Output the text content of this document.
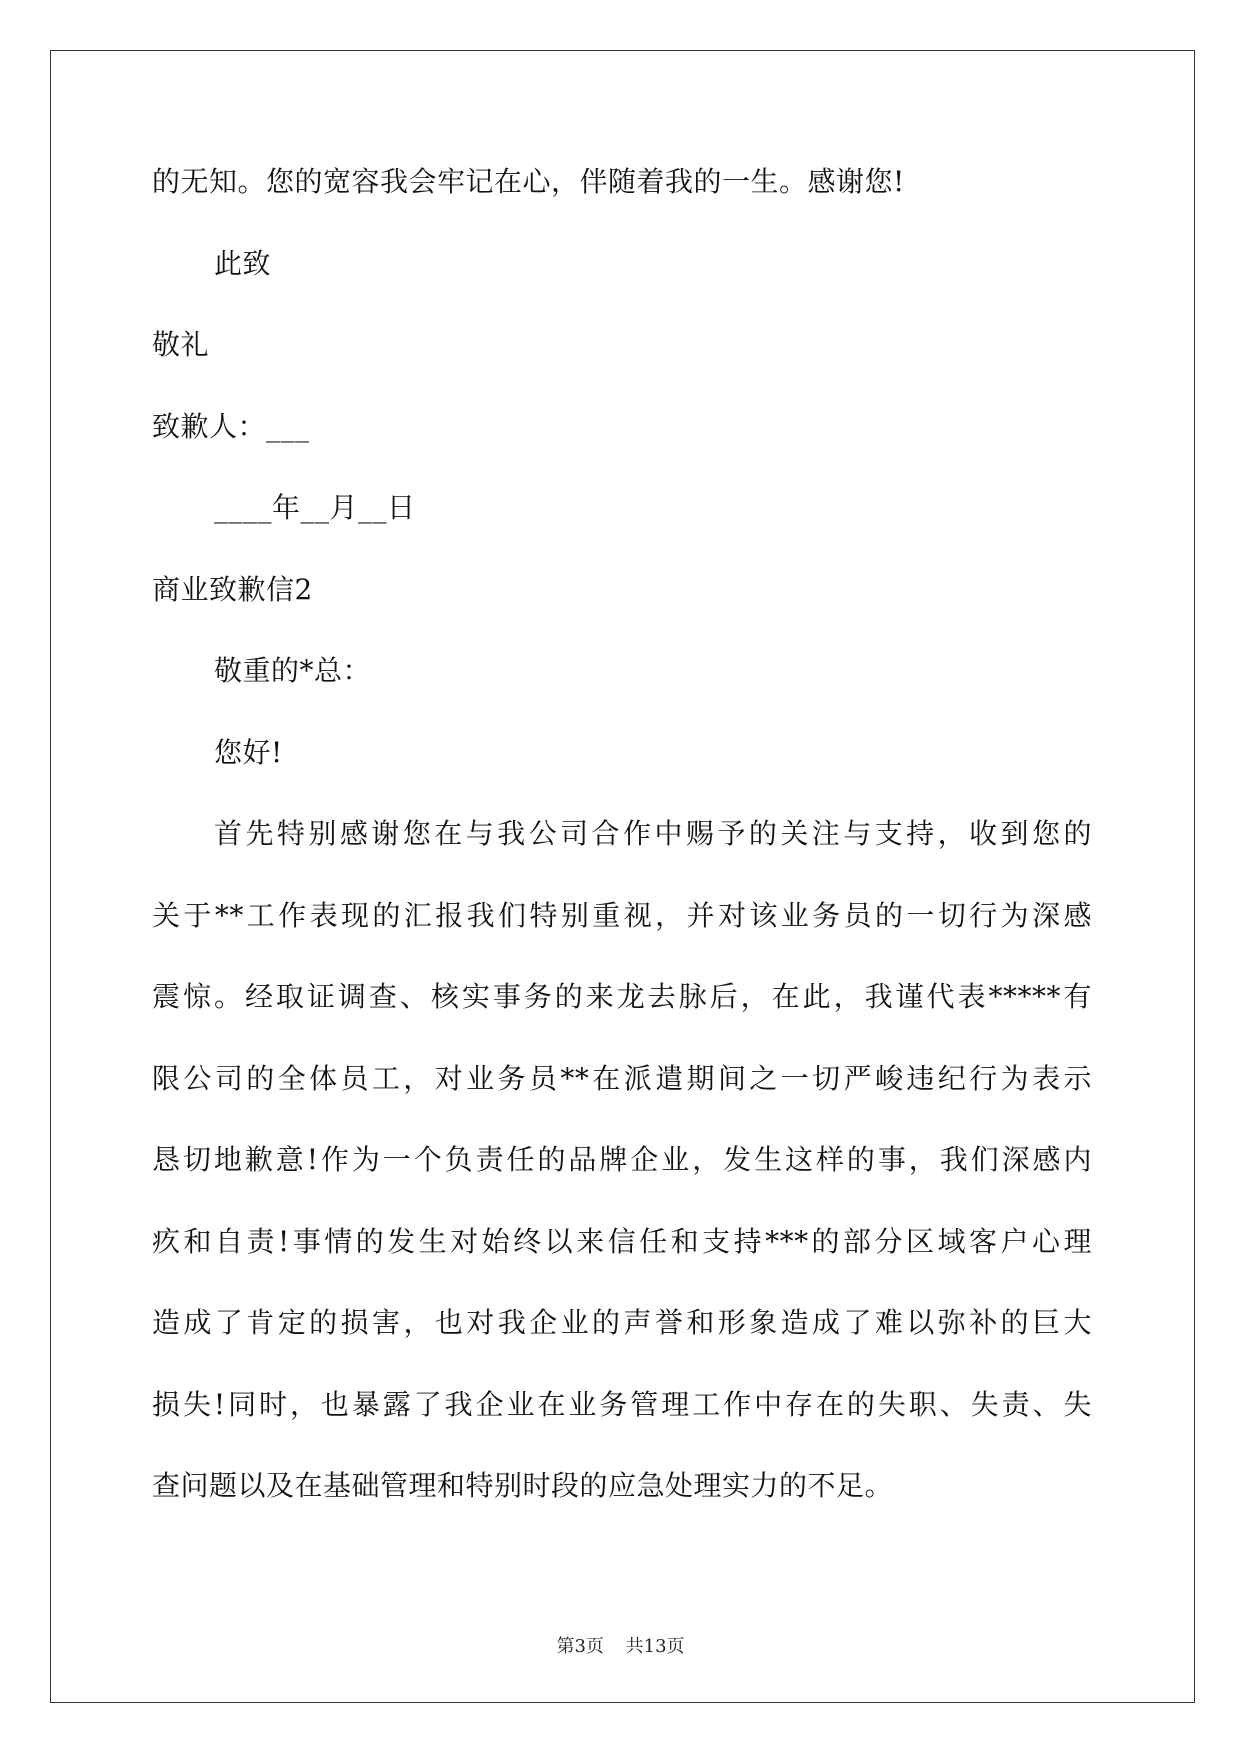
的无知。您的宽容我会牢记在心，伴随着我的一生。感谢您!
此致
敬礼
致歉人：___
____年__月__日
商业致歉信2
敬重的*总：
您好!
首先特别感谢您在与我公司合作中赐予的关注与支持，收到您的
关于**工作表现的汇报我们特别重视，并对该业务员的一切行为深感
震惊。经取证调查、核实事务的来龙去脉后，在此，我谨代表*****有
限公司的全体员工，对业务员**在派遣期间之一切严峻违纪行为表示
恳切地歉意!作为一个负责任的品牌企业，发生这样的事，我们深感内
疚和自责!事情的发生对始终以来信任和支持***的部分区域客户心理
造成了肯定的损害，也对我企业的声誉和形象造成了难以弥补的巨大
损失!同时，也暴露了我企业在业务管理工作中存在的失职、失责、失
查问题以及在基础管理和特别时段的应急处理实力的不足。
第3页 共13页
